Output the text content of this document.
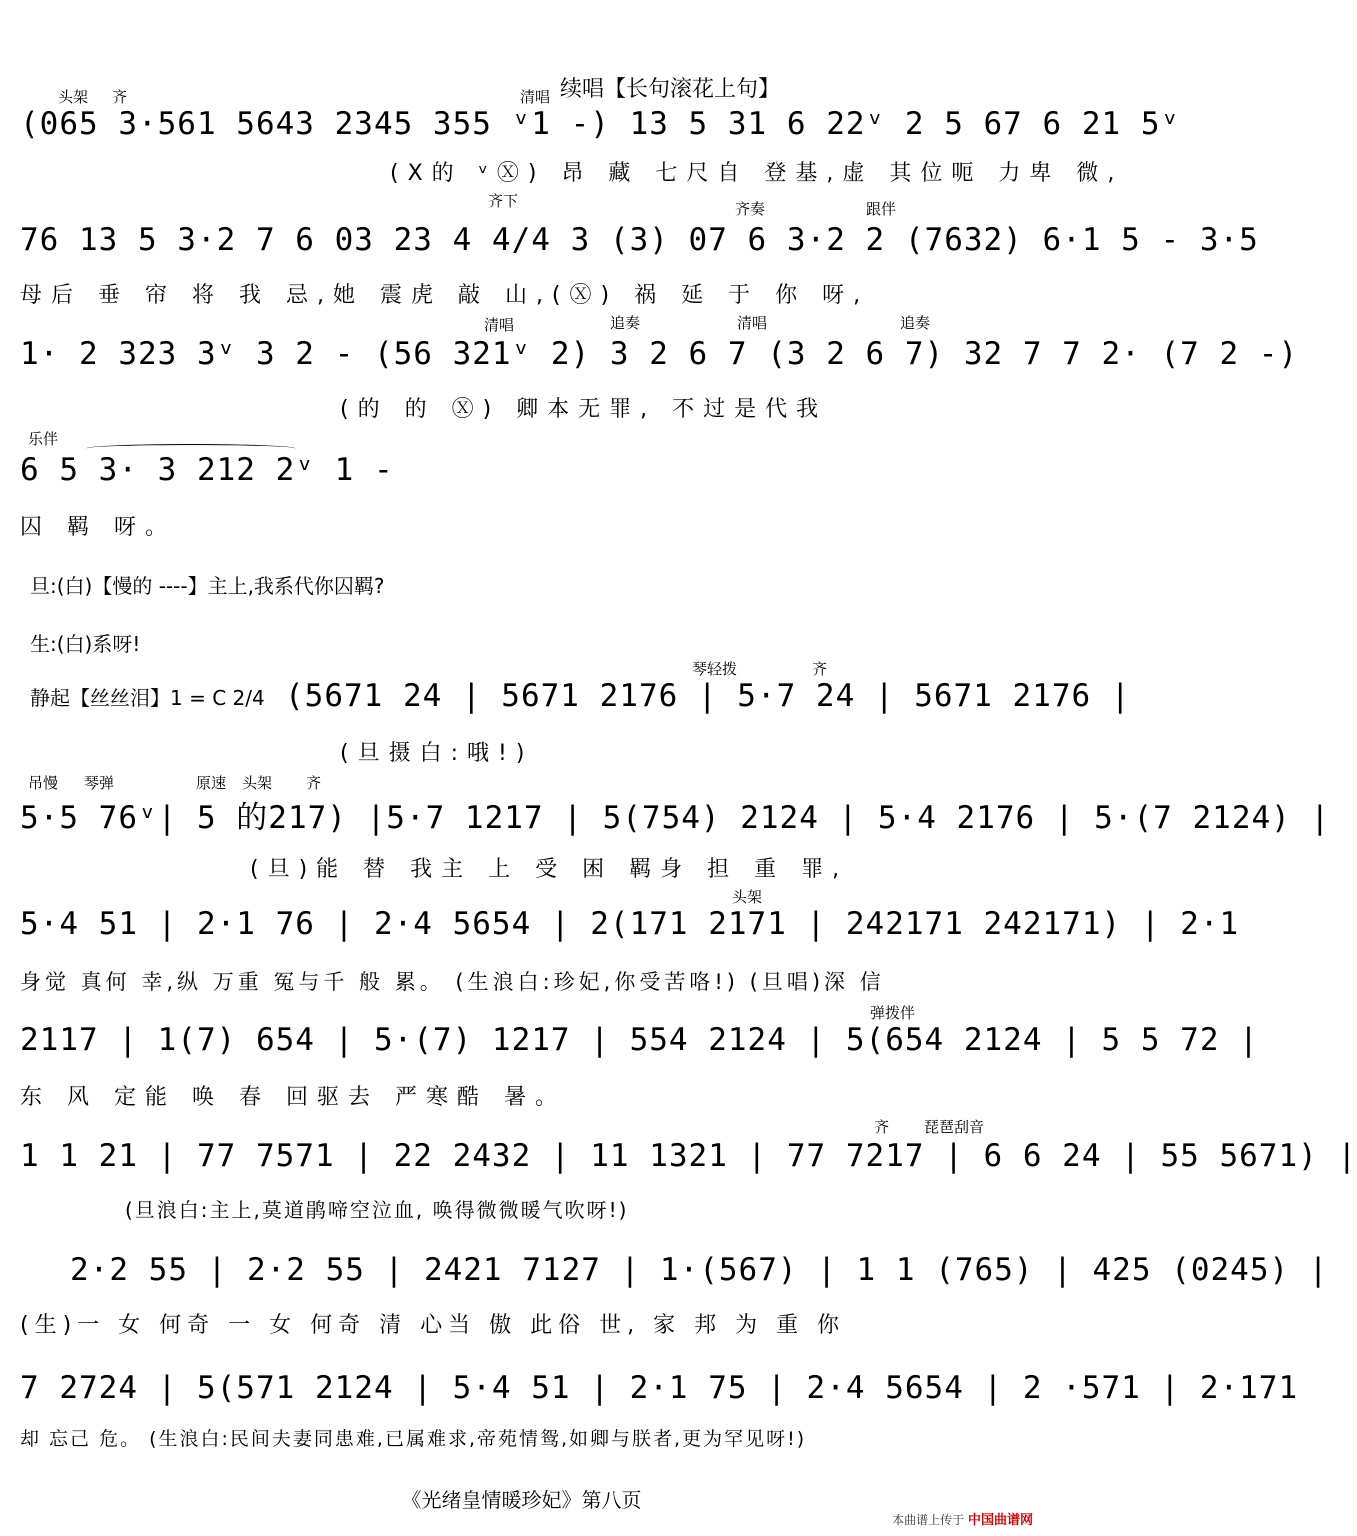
头架 齐	清唱 续唱【长句滚花上句】
(065 3·561 5643 2345 355 ᵛ1 -) 13 5 31 6 22ᵛ 2 5 67 6 21 5ᵛ
(X的 ᵛⓍ) 昂 藏 七尺自 登基,虚 其位呃 力卑 微,
齐下	齐奏	跟伴
76 13 5 3·2 7 6 03 23 4 4/4 3 (3) 07 6 3·2 2 (7632) 6·1 5 - 3·5
母后 垂 帘 将 我 忌,她 震虎 敲 山,(Ⓧ) 祸 延 于 你 呀,
清唱	追奏	清唱	追奏
1· 2 323 3ᵛ 3 2 - (56 321ᵛ 2) 3 2 6 7 (3 2 6 7) 32 7 7 2· (7 2 -)
(的 的 Ⓧ) 卿本无罪, 不过是代我
乐伴
6 5 3· 3 212 2ᵛ 1 -
囚 羁 呀。
旦:(白)【慢的 ----】主上,我系代你囚羁?
生:(白)系呀!
静起【丝丝泪】1 = C 2/4
琴轻拨	齐
(5671 24 | 5671 2176 | 5·7 24 | 5671 2176 |
(旦摄白:哦!)
吊慢 琴弹	原速 头架 齐
5·5 76ᵛ| 5 的217) |5·7 1217 | 5(754) 2124 | 5·4 2176 | 5·(7 2124) |
(旦)能 替 我主 上 受 困 羁身 担 重 罪,
头架
5·4 51 | 2·1 76 | 2·4 5654 | 2(171 2171 | 242171 242171) | 2·1
身觉 真何 幸,纵 万重 冤与千 般 累。 (生浪白:珍妃,你受苦咯!) (旦唱)深 信
弹拨伴
2117 | 1(7) 654 | 5·(7) 1217 | 554 2124 | 5(654 2124 | 5 5 72 |
东 风 定能 唤 春 回驱去 严寒酷 暑。
齐 琵琶刮音
1 1 21 | 77 7571 | 22 2432 | 11 1321 | 77 7217 | 6 6 24 | 55 5671) |
(旦浪白:主上,莫道鹃啼空泣血, 唤得微微暖气吹呀!)
2·2 55 | 2·2 55 | 2421 7127 | 1·(567) | 1 1 (765) | 425 (0245) |
(生)一 女 何奇 一 女 何奇 清 心当 傲 此俗 世, 家 邦 为 重 你
7 2724 | 5(571 2124 | 5·4 51 | 2·1 75 | 2·4 5654 | 2 ·571 | 2·171
却 忘己 危。 (生浪白:民间夫妻同患难,已属难求,帝苑情鸳,如卿与朕者,更为罕见呀!)
《光绪皇情暖珍妃》第八页
本曲谱上传于 中国曲谱网
